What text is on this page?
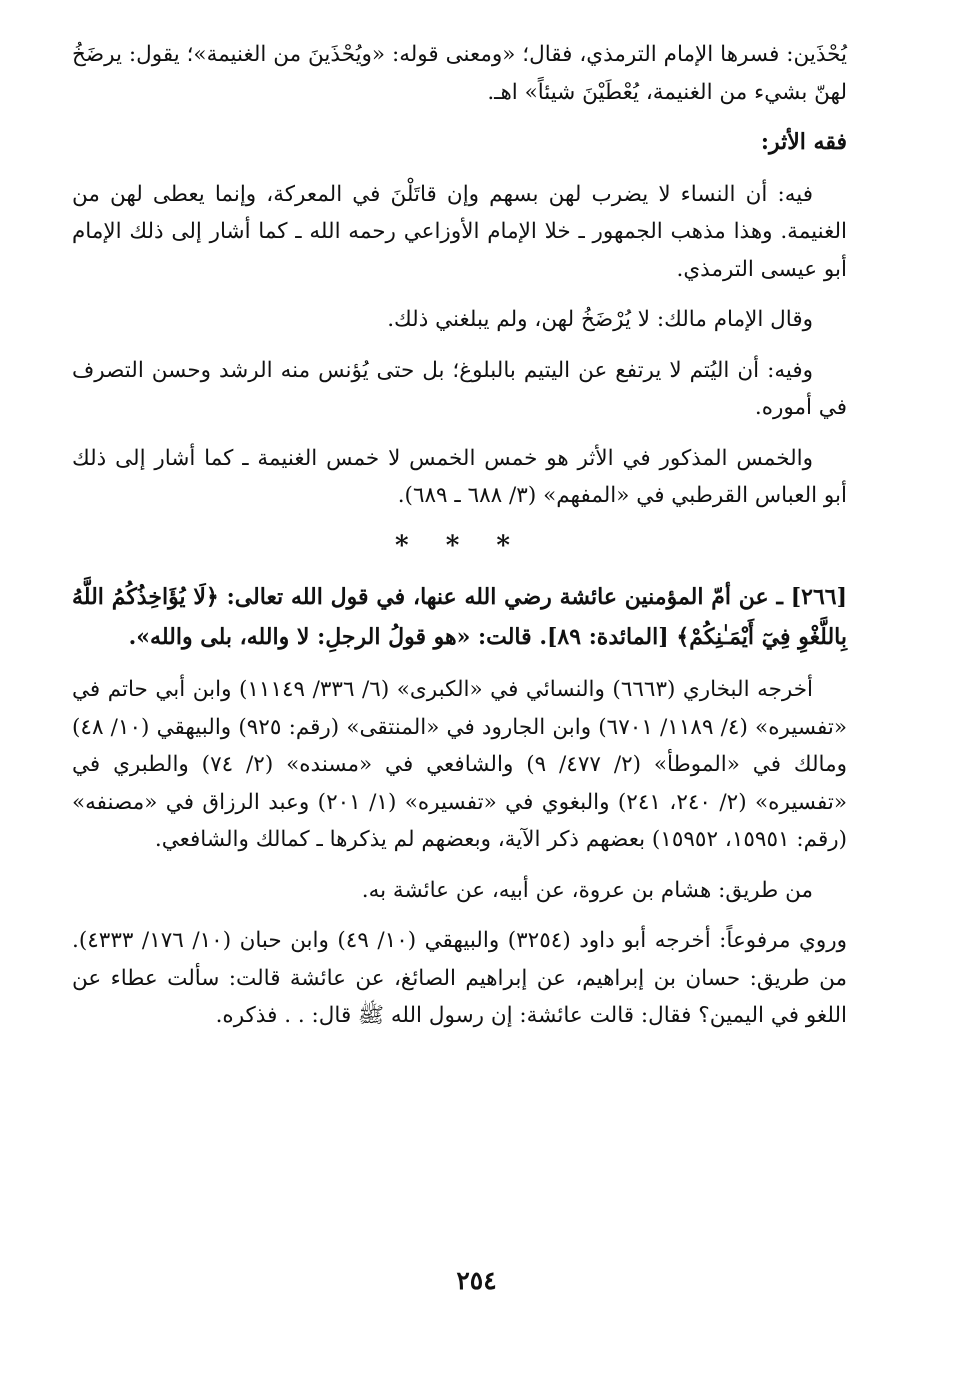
يُحْذَين: فسرها الإمام الترمذي، فقال؛ «ومعنى قوله: «ويُحْذَينَ من الغنيمة»؛ يقول: يرضَخُ لهنّ بشيء من الغنيمة، يُعْطَيْنَ شيئاً» اهـ.

فقه الأثر:

فيه: أن النساء لا يضرب لهن بسهم وإن قاتَلْنَ في المعركة، وإنما يعطى لهن من الغنيمة. وهذا مذهب الجمهور ـ خلا الإمام الأوزاعي رحمه الله ـ كما أشار إلى ذلك الإمام أبو عيسى الترمذي.

وقال الإمام مالك: لا يُرْضَخُ لهن، ولم يبلغني ذلك.

وفيه: أن اليُتم لا يرتفع عن اليتيم بالبلوغ؛ بل حتى يُؤنس منه الرشد وحسن التصرف في أموره.

والخمس المذكور في الأثر هو خمس الخمس لا خمس الغنيمة ـ كما أشار إلى ذلك أبو العباس القرطبي في «المفهم» (٣/ ٦٨٨ ـ ٦٨٩).

* * *

[٢٦٦] ـ عن أمّ المؤمنين عائشة رضي الله عنها، في قول الله تعالى: ﴿لَا يُؤَاخِذُكُمُ اللَّهُ بِاللَّغْوِ فِيٓ أَيْمَـٰنِكُمْ﴾ [المائدة: ٨٩]. قالت: «هو قولُ الرجلِ: لا والله، بلى والله».

أخرجه البخاري (٦٦٦٣) والنسائي في «الكبرى» (٦/ ٣٣٦/ ١١١٤٩) وابن أبي حاتم في «تفسيره» (٤/ ١١٨٩/ ٦٧٠١) وابن الجارود في «المنتقى» (رقم: ٩٢٥) والبيهقي (١٠/ ٤٨) ومالك في «الموطأ» (٢/ ٤٧٧/ ٩) والشافعي في «مسنده» (٢/ ٧٤) والطبري في «تفسيره» (٢/ ٢٤٠، ٢٤١) والبغوي في «تفسيره» (١/ ٢٠١) وعبد الرزاق في «مصنفه» (رقم: ١٥٩٥١، ١٥٩٥٢) بعضهم ذكر الآية، وبعضهم لم يذكرها ـ كمالك والشافعي.

من طريق: هشام بن عروة، عن أبيه، عن عائشة به.

وروي مرفوعاً: أخرجه أبو داود (٣٢٥٤) والبيهقي (١٠/ ٤٩) وابن حبان (١٠/ ١٧٦/ ٤٣٣٣). من طريق: حسان بن إبراهيم، عن إبراهيم الصائغ، عن عائشة قالت: سألت عطاء عن اللغو في اليمين؟ فقال: قالت عائشة: إن رسول الله ﷺ قال: . . فذكره.

٢٥٤
